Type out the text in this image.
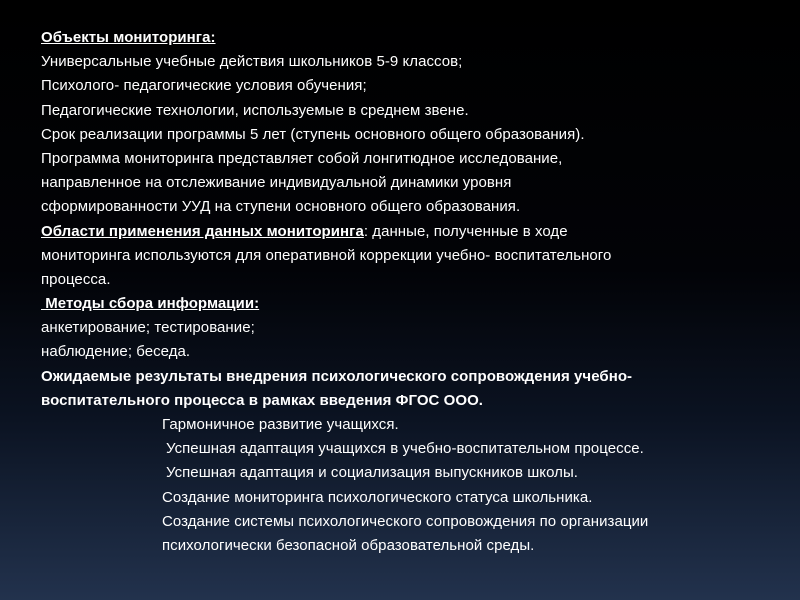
Объекты мониторинга:
Универсальные учебные действия школьников 5-9 классов;
Психолого- педагогические условия обучения;
Педагогические технологии, используемые в среднем звене.
Срок реализации программы 5 лет (ступень основного общего образования).
Программа мониторинга представляет собой лонгитюдное исследование,
направленное на отслеживание индивидуальной динамики уровня
сформированности УУД на ступени основного общего образования.
Области применения данных мониторинга: данные, полученные в ходе
мониторинга используются для оперативной коррекции учебно- воспитательного
процесса.
Методы сбора информации:
анкетирование; тестирование;
наблюдение; беседа.
Ожидаемые результаты внедрения психологического сопровождения учебно-
воспитательного процесса в рамках введения ФГОС ООО.
Гармоничное развитие учащихся.
Успешная адаптация учащихся в учебно-воспитательном процессе.
Успешная адаптация и социализация выпускников школы.
Создание мониторинга психологического статуса школьника.
Создание системы психологического сопровождения по организации
психологически безопасной образовательной среды.
